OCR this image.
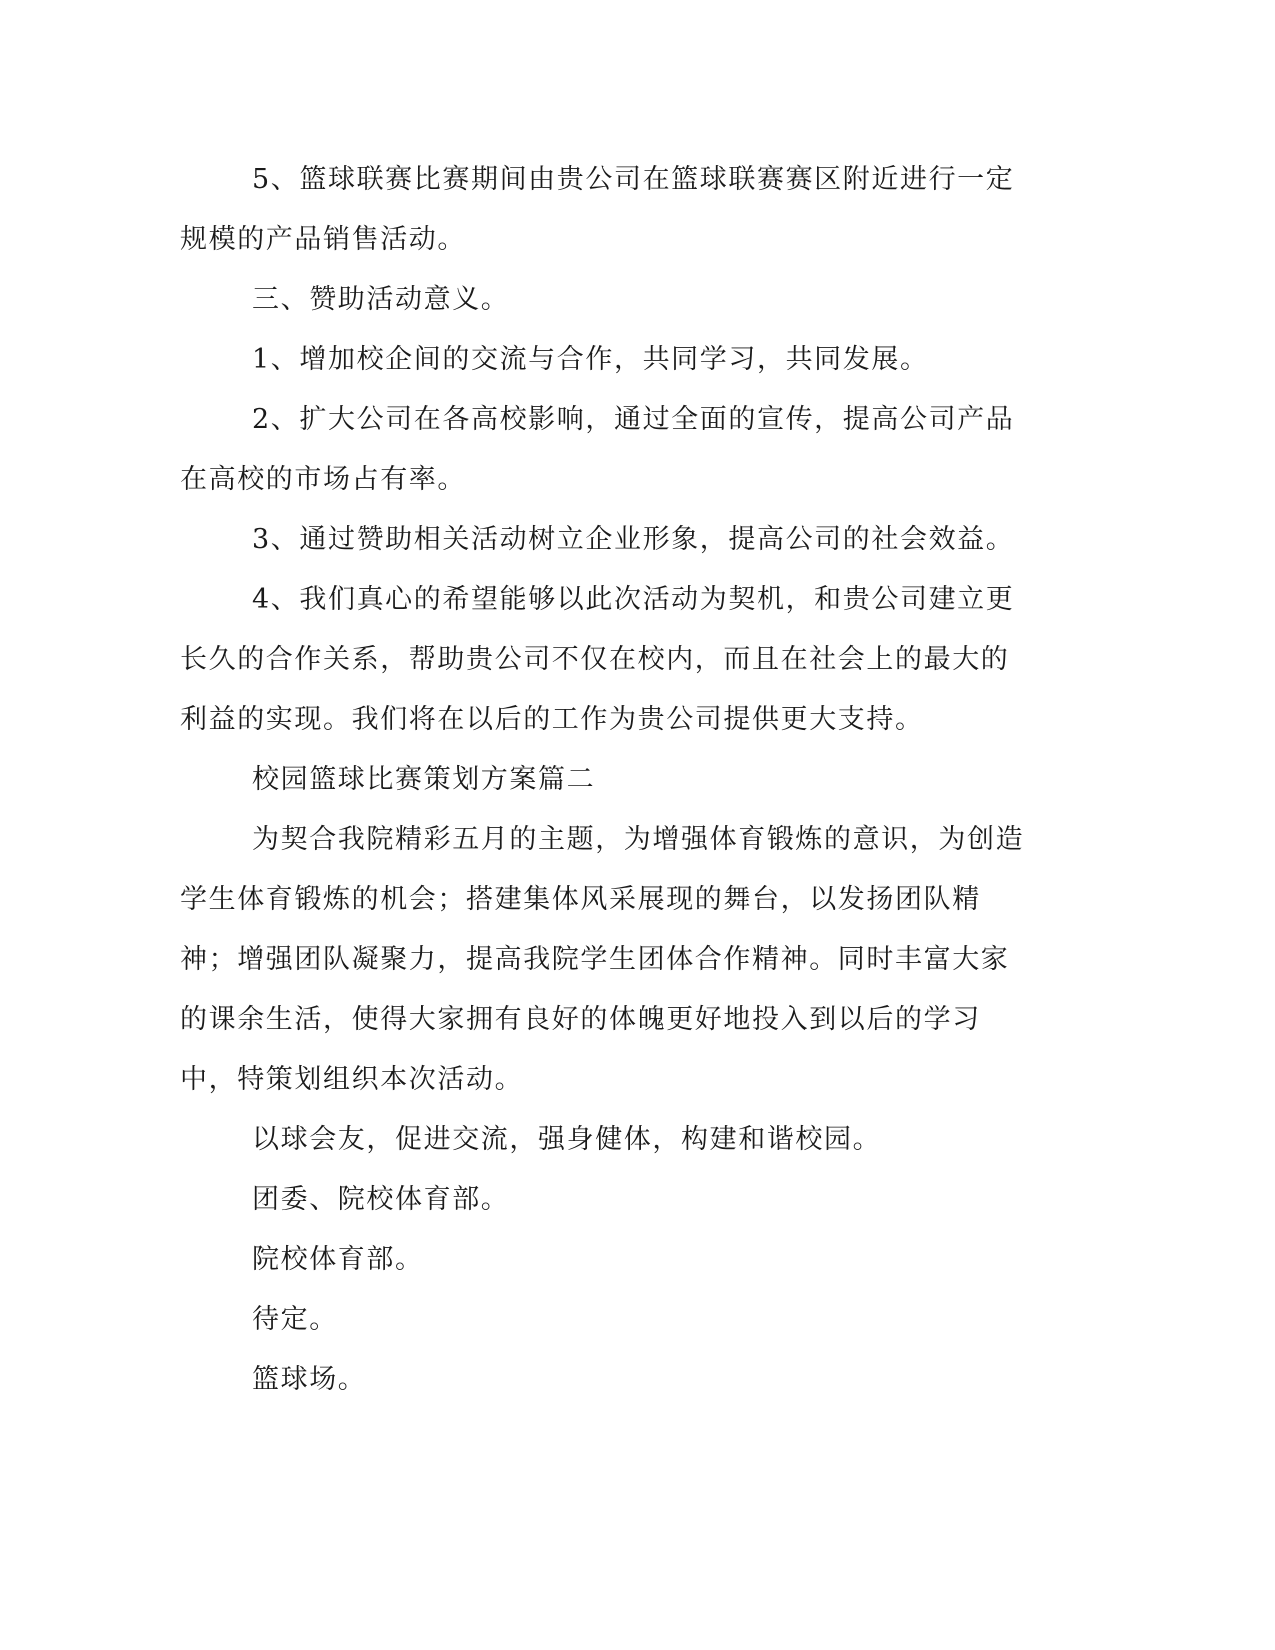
5、篮球联赛比赛期间由贵公司在篮球联赛赛区附近进行一定规模的产品销售活动。

三、赞助活动意义。

1、增加校企间的交流与合作，共同学习，共同发展。

2、扩大公司在各高校影响，通过全面的宣传，提高公司产品在高校的市场占有率。

3、通过赞助相关活动树立企业形象，提高公司的社会效益。

4、我们真心的希望能够以此次活动为契机，和贵公司建立更长久的合作关系，帮助贵公司不仅在校内，而且在社会上的最大的利益的实现。我们将在以后的工作为贵公司提供更大支持。

校园篮球比赛策划方案篇二

为契合我院精彩五月的主题，为增强体育锻炼的意识，为创造学生体育锻炼的机会；搭建集体风采展现的舞台，以发扬团队精神；增强团队凝聚力，提高我院学生团体合作精神。同时丰富大家的课余生活，使得大家拥有良好的体魄更好地投入到以后的学习中，特策划组织本次活动。

以球会友，促进交流，强身健体，构建和谐校园。

团委、院校体育部。

院校体育部。

待定。

篮球场。
